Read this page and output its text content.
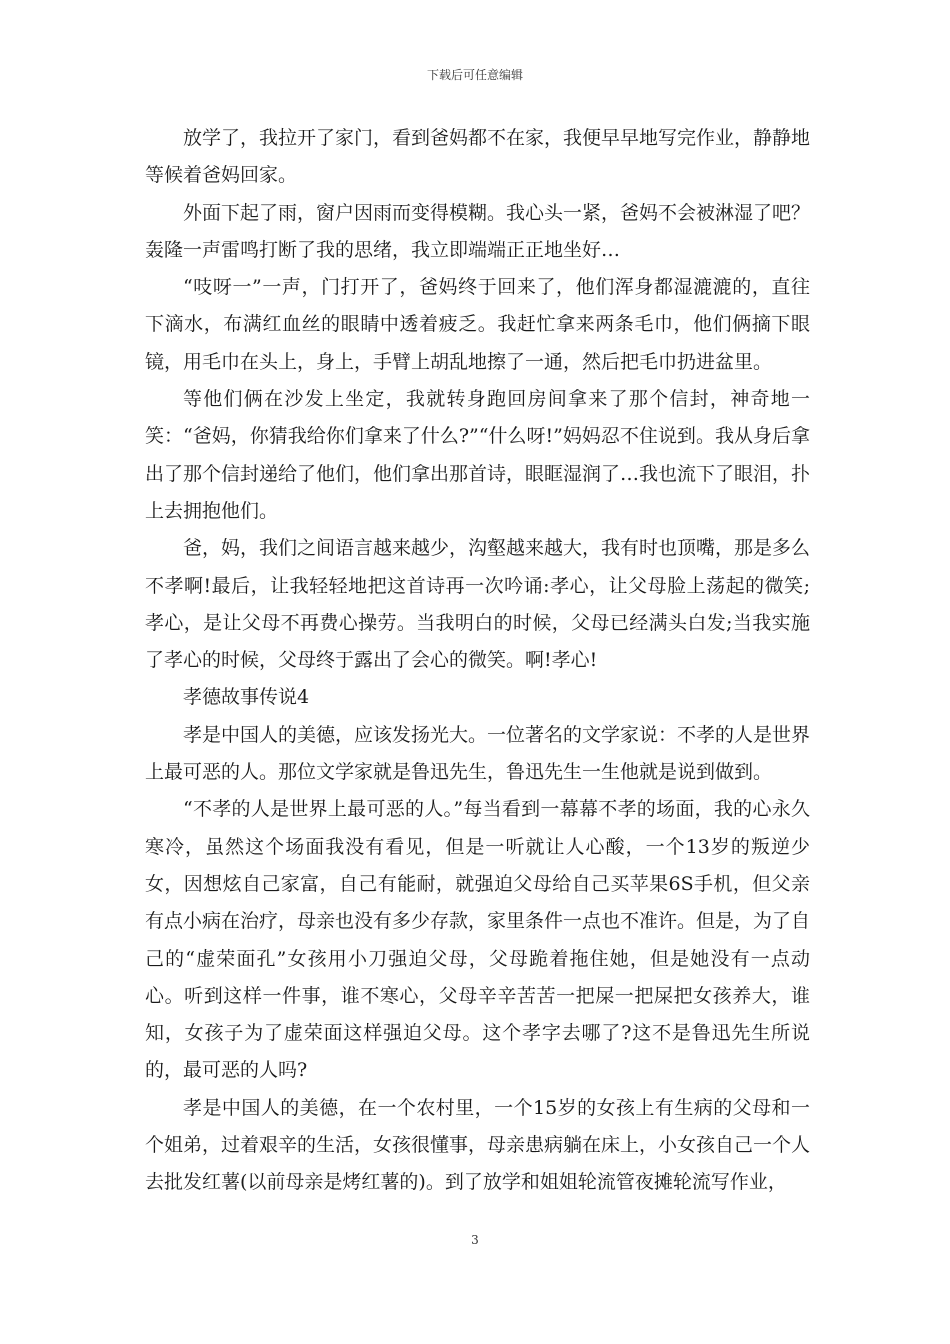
下载后可任意编辑

放学了，我拉开了家门，看到爸妈都不在家，我便早早地写完作业，静静地等候着爸妈回家。

外面下起了雨，窗户因雨而变得模糊。我心头一紧，爸妈不会被淋湿了吧？轰隆一声雷鸣打断了我的思绪，我立即端端正正地坐好…

“吱呀一”一声，门打开了，爸妈终于回来了，他们浑身都湿漉漉的，直往下滴水，布满红血丝的眼睛中透着疲乏。我赶忙拿来两条毛巾，他们俩摘下眼镜，用毛巾在头上，身上，手臂上胡乱地擦了一通，然后把毛巾扔进盆里。

等他们俩在沙发上坐定，我就转身跑回房间拿来了那个信封，神奇地一笑：“爸妈，你猜我给你们拿来了什么?”“什么呀!”妈妈忍不住说到。我从身后拿出了那个信封递给了他们，他们拿出那首诗，眼眶湿润了…我也流下了眼泪，扑上去拥抱他们。

爸，妈，我们之间语言越来越少，沟壑越来越大，我有时也顶嘴，那是多么不孝啊!最后，让我轻轻地把这首诗再一次吟诵:孝心，让父母脸上荡起的微笑;孝心，是让父母不再费心操劳。当我明白的时候，父母已经满头白发;当我实施了孝心的时候，父母终于露出了会心的微笑。啊!孝心!

孝德故事传说4

孝是中国人的美德，应该发扬光大。一位著名的文学家说：不孝的人是世界上最可恶的人。那位文学家就是鲁迅先生，鲁迅先生一生他就是说到做到。

“不孝的人是世界上最可恶的人。”每当看到一幕幕不孝的场面，我的心永久寒冷，虽然这个场面我没有看见，但是一听就让人心酸，一个13岁的叛逆少女，因想炫自己家富，自己有能耐，就强迫父母给自己买苹果6S手机，但父亲有点小病在治疗，母亲也没有多少存款，家里条件一点也不准许。但是，为了自己的“虚荣面孔”女孩用小刀强迫父母，父母跪着拖住她，但是她没有一点动心。听到这样一件事，谁不寒心，父母辛辛苦苦一把屎一把屎把女孩养大，谁知，女孩子为了虚荣面这样强迫父母。这个孝字去哪了?这不是鲁迅先生所说的，最可恶的人吗?

孝是中国人的美德，在一个农村里，一个15岁的女孩上有生病的父母和一个姐弟，过着艰辛的生活，女孩很懂事，母亲患病躺在床上，小女孩自己一个人去批发红薯(以前母亲是烤红薯的)。到了放学和姐姐轮流管夜摊轮流写作业，

3
